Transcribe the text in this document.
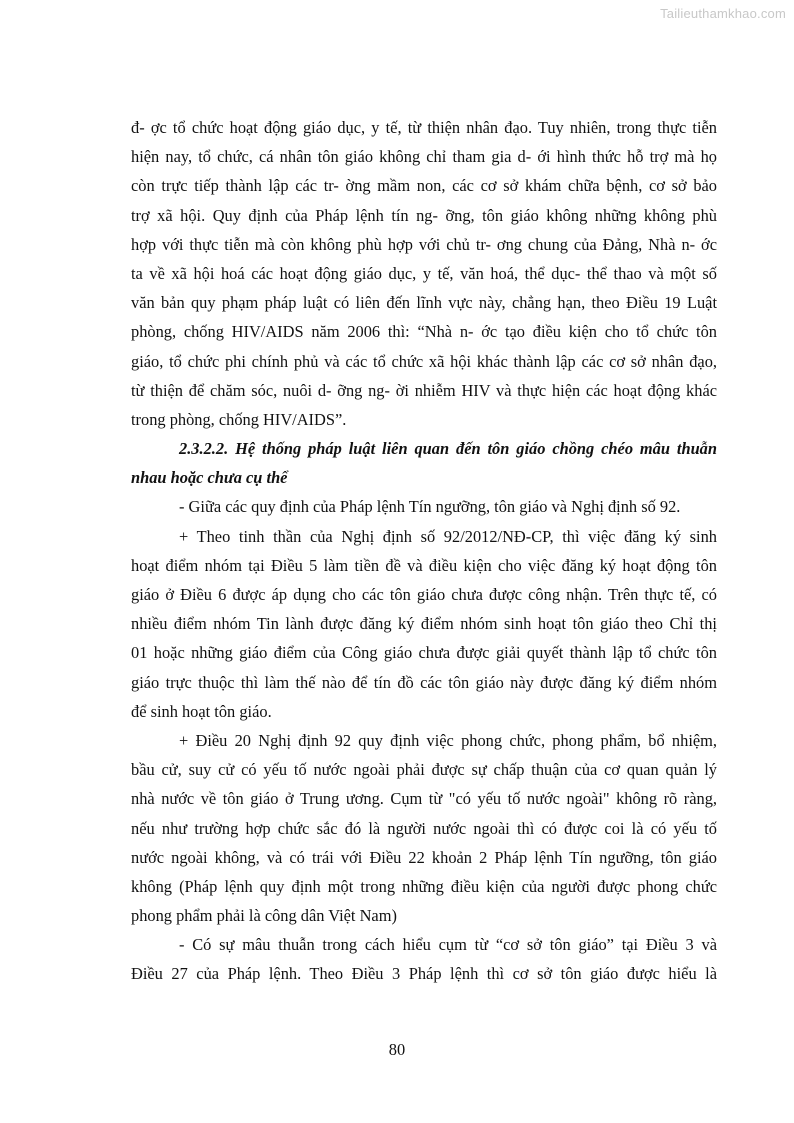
Tailieuthamkhao.com
đ- ợc tổ chức hoạt động giáo dục, y tế, từ thiện nhân đạo. Tuy nhiên, trong thực tiễn
hiện nay, tổ chức, cá nhân tôn giáo không chỉ tham gia d- ới hình thức hỗ trợ mà họ
còn trực tiếp thành lập các tr- ờng mầm non, các cơ sở khám chữa bệnh, cơ sở bảo
trợ xã hội. Quy định của Pháp lệnh tín ng- ỡng, tôn giáo không những không phù
hợp với thực tiễn mà còn không phù hợp với chủ tr- ơng chung của Đảng, Nhà n- ớc
ta về xã hội hoá các hoạt động giáo dục, y tế, văn hoá, thể dục- thể thao và một số
văn bản quy phạm pháp luật có liên đến lĩnh vực này, chẳng hạn, theo Điều 19 Luật
phòng, chống HIV/AIDS năm 2006 thì: “Nhà n- ớc tạo điều kiện cho tổ chức tôn
giáo, tổ chức phi chính phủ và các tổ chức xã hội khác thành lập các cơ sở nhân đạo,
từ thiện để chăm sóc, nuôi d- ỡng ng- ời nhiễm HIV và thực hiện các hoạt động khác
trong phòng, chống HIV/AIDS”.
2.3.2.2. Hệ thống pháp luật liên quan đến tôn giáo chồng chéo mâu thuẫn
nhau hoặc chưa cụ thể
- Giữa các quy định của Pháp lệnh Tín ngưỡng, tôn giáo và Nghị định số 92.
+ Theo tinh thần của Nghị định số 92/2012/NĐ-CP, thì việc đăng ký sinh
hoạt điểm nhóm tại Điều 5 làm tiền đề và điều kiện cho việc đăng ký hoạt động tôn
giáo ở Điều 6 được áp dụng cho các tôn giáo chưa được công nhận. Trên thực tế, có
nhiều điểm nhóm Tin lành được đăng ký điểm nhóm sinh hoạt tôn giáo theo Chỉ thị
01 hoặc những giáo điểm của Công giáo chưa được giải quyết thành lập tổ chức tôn
giáo trực thuộc thì làm thế nào để tín đồ các tôn giáo này được đăng ký điểm nhóm
để sinh hoạt tôn giáo.
+ Điều 20 Nghị định 92 quy định việc phong chức, phong phẩm, bổ nhiệm,
bầu cử, suy cử có yếu tố nước ngoài phải được sự chấp thuận của cơ quan quản lý
nhà nước về tôn giáo ở Trung ương. Cụm từ "có yếu tố nước ngoài" không rõ ràng,
nếu như trường hợp chức sắc đó là người nước ngoài thì có được coi là có yếu tố
nước ngoài không, và có trái với Điều 22 khoản 2 Pháp lệnh Tín ngưỡng, tôn giáo
không (Pháp lệnh quy định một trong những điều kiện của người được phong chức
phong phẩm phải là công dân Việt Nam)
- Có sự mâu thuẫn trong cách hiểu cụm từ “cơ sở tôn giáo” tại Điều 3 và
Điều 27 của Pháp lệnh. Theo Điều 3 Pháp lệnh thì cơ sở tôn giáo được hiểu là
80
